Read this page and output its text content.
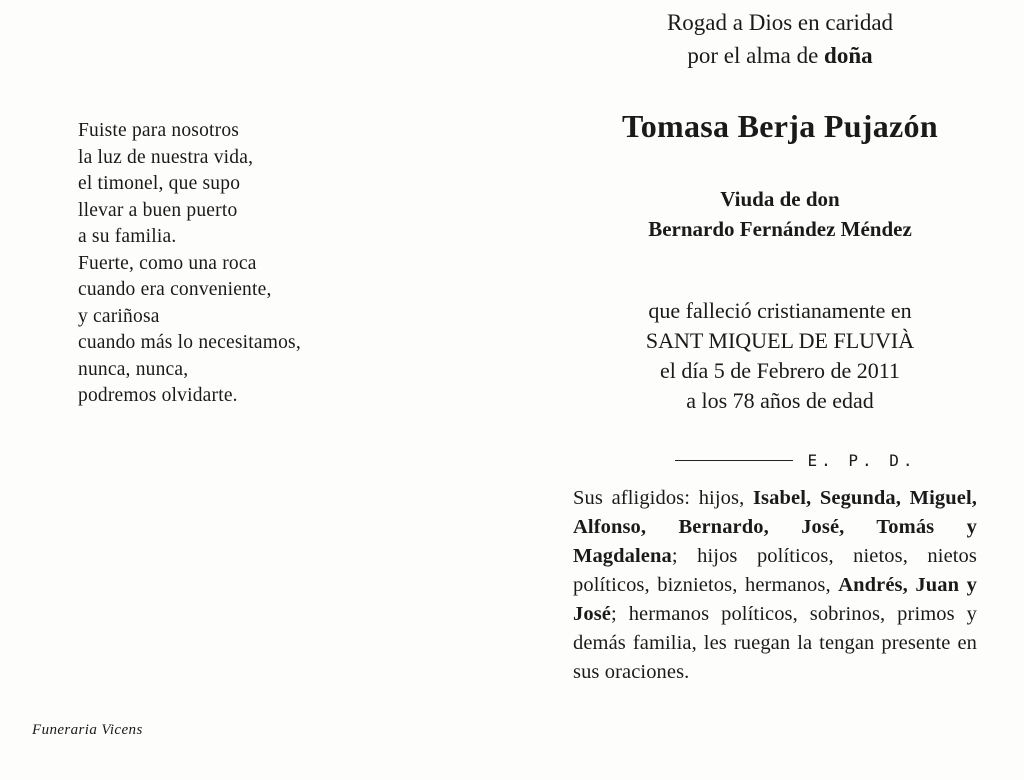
Fuiste para nosotros
la luz de nuestra vida,
el timonel, que supo
llevar a buen puerto
a su familia.
Fuerte, como una roca
cuando era conveniente,
y cariñosa
cuando más lo necesitamos,
nunca, nunca,
podremos olvidarte.
Funeraria Vicens
Rogad a Dios en caridad
por el alma de doña
Tomasa Berja Pujazón
Viuda de don
Bernardo Fernández Méndez
que falleció cristianamente en
SANT MIQUEL DE FLUVIÀ
el día 5 de Febrero de 2011
a los 78 años de edad
E. P. D.
Sus afligidos: hijos, Isabel, Segunda, Miguel, Alfonso, Bernardo, José, Tomás y Magdalena; hijos políticos, nietos, nietos políticos, biznietos, hermanos, Andrés, Juan y José; hermanos políticos, sobrinos, primos y demás familia, les ruegan la tengan presente en sus oraciones.
